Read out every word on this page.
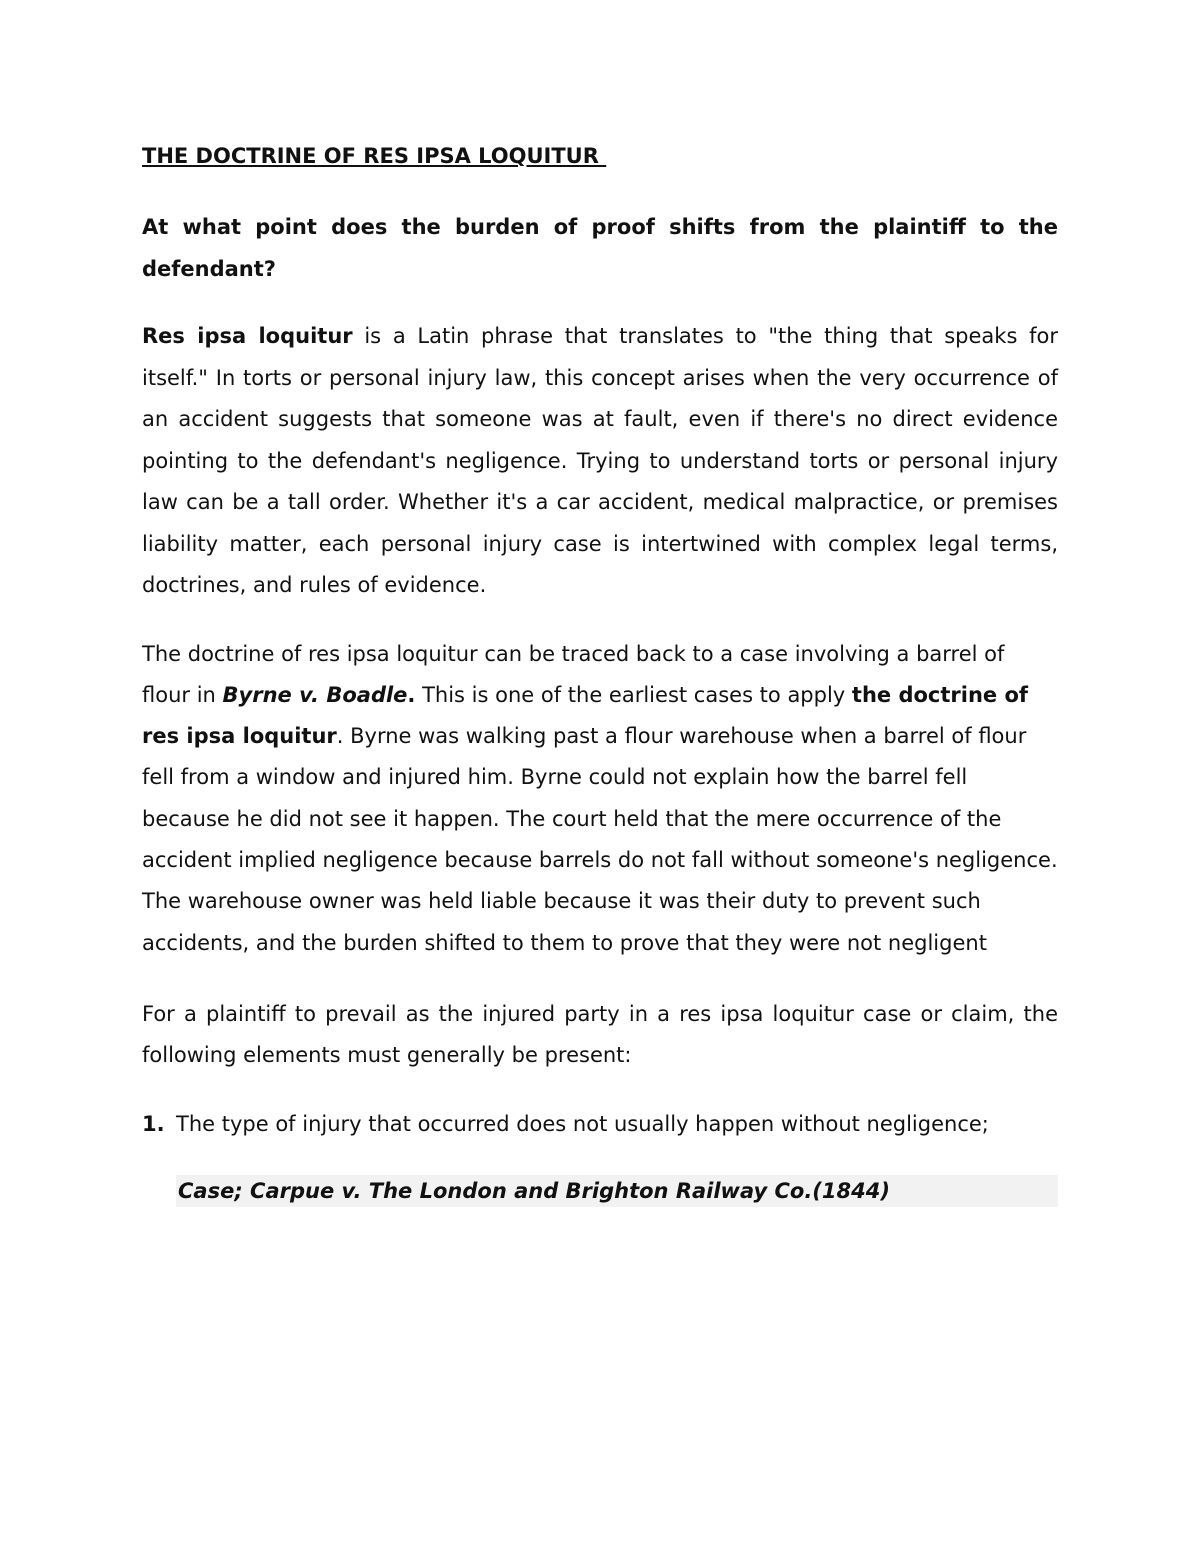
THE DOCTRINE OF RES IPSA LOQUITUR
At what point does the burden of proof shifts from the plaintiff to the defendant?
Res ipsa loquitur is a Latin phrase that translates to "the thing that speaks for itself." In torts or personal injury law, this concept arises when the very occurrence of an accident suggests that someone was at fault, even if there's no direct evidence pointing to the defendant's negligence. Trying to understand torts or personal injury law can be a tall order. Whether it's a car accident, medical malpractice, or premises liability matter, each personal injury case is intertwined with complex legal terms, doctrines, and rules of evidence.
The doctrine of res ipsa loquitur can be traced back to a case involving a barrel of flour in Byrne v. Boadle. This is one of the earliest cases to apply the doctrine of res ipsa loquitur. Byrne was walking past a flour warehouse when a barrel of flour fell from a window and injured him. Byrne could not explain how the barrel fell because he did not see it happen. The court held that the mere occurrence of the accident implied negligence because barrels do not fall without someone's negligence. The warehouse owner was held liable because it was their duty to prevent such accidents, and the burden shifted to them to prove that they were not negligent
For a plaintiff to prevail as the injured party in a res ipsa loquitur case or claim, the following elements must generally be present:
1. The type of injury that occurred does not usually happen without negligence;
Case; Carpue v. The London and Brighton Railway Co.(1844)
